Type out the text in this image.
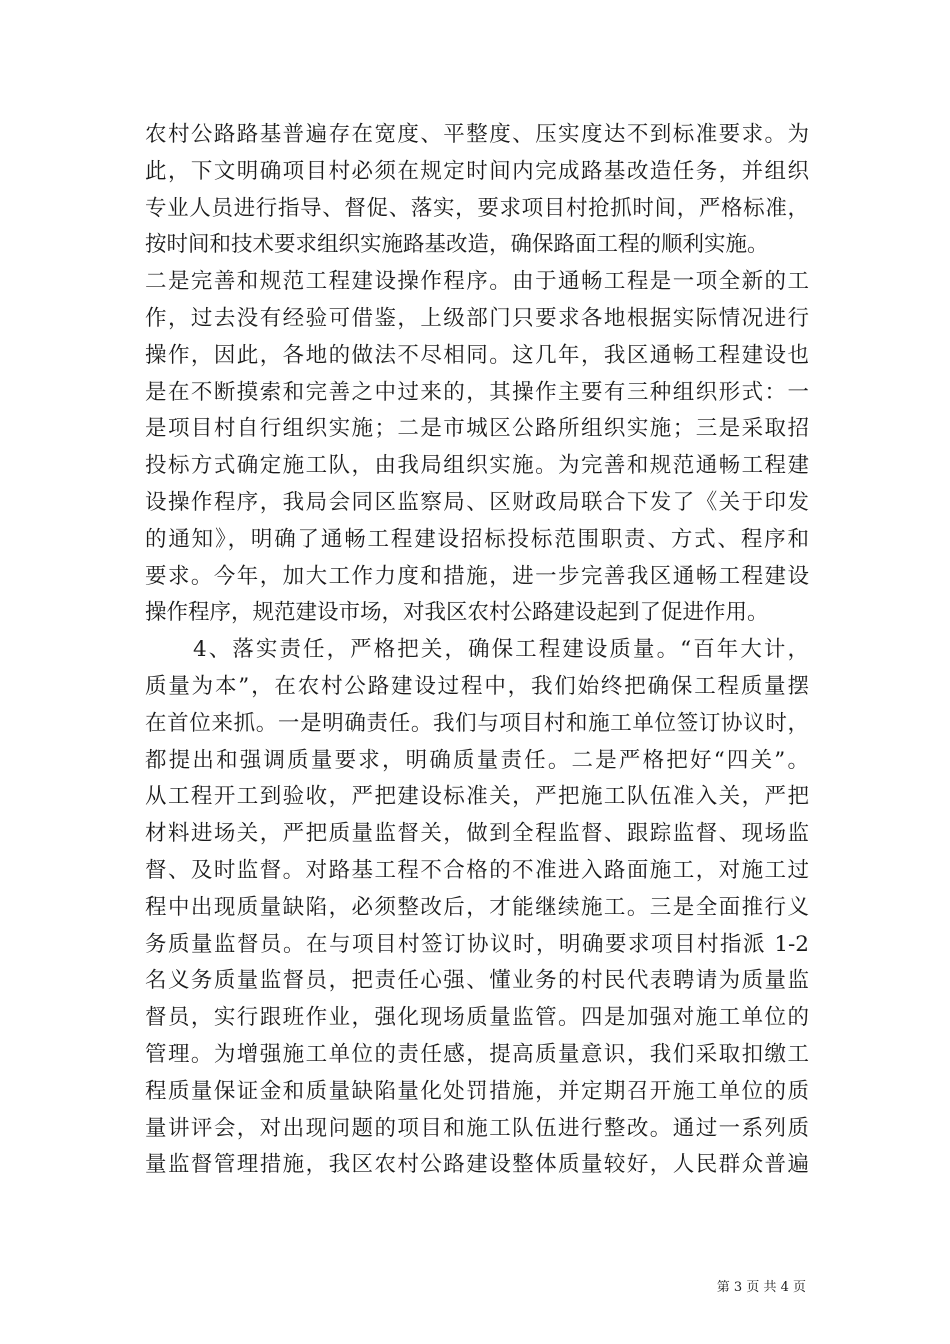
农村公路路基普遍存在宽度、平整度、压实度达不到标准要求。为
此，下文明确项目村必须在规定时间内完成路基改造任务，并组织
专业人员进行指导、督促、落实，要求项目村抢抓时间，严格标准，
按时间和技术要求组织实施路基改造，确保路面工程的顺利实施。
二是完善和规范工程建设操作程序。由于通畅工程是一项全新的工
作，过去没有经验可借鉴，上级部门只要求各地根据实际情况进行
操作，因此，各地的做法不尽相同。这几年，我区通畅工程建设也
是在不断摸索和完善之中过来的，其操作主要有三种组织形式：一
是项目村自行组织实施；二是市城区公路所组织实施；三是采取招
投标方式确定施工队，由我局组织实施。为完善和规范通畅工程建
设操作程序，我局会同区监察局、区财政局联合下发了《关于印发
的通知》，明确了通畅工程建设招标投标范围职责、方式、程序和
要求。今年，加大工作力度和措施，进一步完善我区通畅工程建设
操作程序，规范建设市场，对我区农村公路建设起到了促进作用。
4、落实责任，严格把关，确保工程建设质量。“百年大计，
质量为本”，在农村公路建设过程中，我们始终把确保工程质量摆
在首位来抓。一是明确责任。我们与项目村和施工单位签订协议时，
都提出和强调质量要求，明确质量责任。二是严格把好“四关”。
从工程开工到验收，严把建设标准关，严把施工队伍准入关，严把
材料进场关，严把质量监督关，做到全程监督、跟踪监督、现场监
督、及时监督。对路基工程不合格的不准进入路面施工，对施工过
程中出现质量缺陷，必须整改后，才能继续施工。三是全面推行义
务质量监督员。在与项目村签订协议时，明确要求项目村指派 1-2
名义务质量监督员，把责任心强、懂业务的村民代表聘请为质量监
督员，实行跟班作业，强化现场质量监管。四是加强对施工单位的
管理。为增强施工单位的责任感，提高质量意识，我们采取扣缴工
程质量保证金和质量缺陷量化处罚措施，并定期召开施工单位的质
量讲评会，对出现问题的项目和施工队伍进行整改。通过一系列质
量监督管理措施，我区农村公路建设整体质量较好，人民群众普遍
第 3 页 共 4 页
